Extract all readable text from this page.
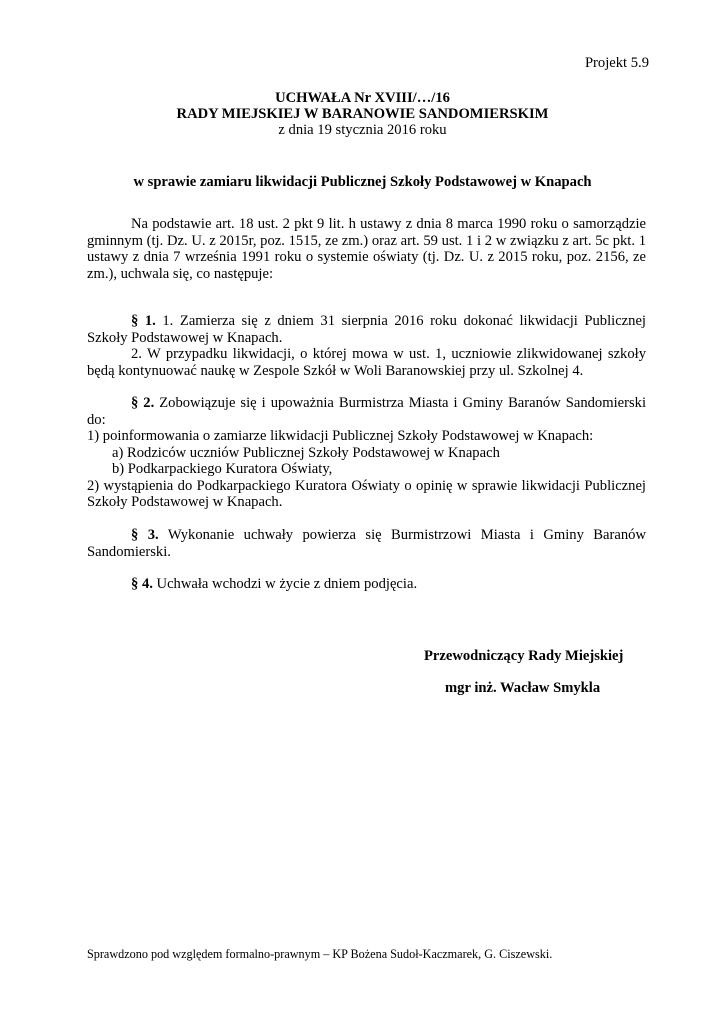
Projekt 5.9
UCHWAŁA Nr XVIII/…/16
RADY MIEJSKIEJ W BARANOWIE SANDOMIERSKIM
z dnia 19 stycznia 2016 roku
w sprawie zamiaru likwidacji Publicznej Szkoły Podstawowej w Knapach

Na podstawie art. 18 ust. 2 pkt 9 lit. h ustawy z dnia 8 marca 1990 roku o samorządzie gminnym (tj. Dz. U. z 2015r, poz. 1515, ze zm.) oraz art. 59 ust. 1 i 2 w związku z art. 5c pkt. 1 ustawy z dnia 7 września 1991 roku o systemie oświaty (tj. Dz. U. z 2015 roku, poz. 2156, ze zm.), uchwala się, co następuje:

§ 1. 1. Zamierza się z dniem 31 sierpnia 2016 roku dokonać likwidacji Publicznej Szkoły Podstawowej w Knapach.

2. W przypadku likwidacji, o której mowa w ust. 1, uczniowie zlikwidowanej szkoły będą kontynuować naukę w Zespole Szkół w Woli Baranowskiej przy ul. Szkolnej 4.

§ 2. Zobowiązuje się i upoważnia Burmistrza Miasta i Gminy Baranów Sandomierski do:

1) poinformowania o zamiarze likwidacji Publicznej Szkoły Podstawowej w Knapach:

a) Rodziców uczniów Publicznej Szkoły Podstawowej w Knapach

b) Podkarpackiego Kuratora Oświaty,

2) wystąpienia do Podkarpackiego Kuratora Oświaty o opinię w sprawie likwidacji Publicznej Szkoły Podstawowej w Knapach.

§ 3. Wykonanie uchwały powierza się Burmistrzowi Miasta i Gminy Baranów Sandomierski.

§ 4. Uchwała wchodzi w życie z dniem podjęcia.

Przewodniczący Rady Miejskiej
mgr inż. Wacław Smykla
Sprawdzono pod względem formalno-prawnym – KP Bożena Sudoł-Kaczmarek, G. Ciszewski.
